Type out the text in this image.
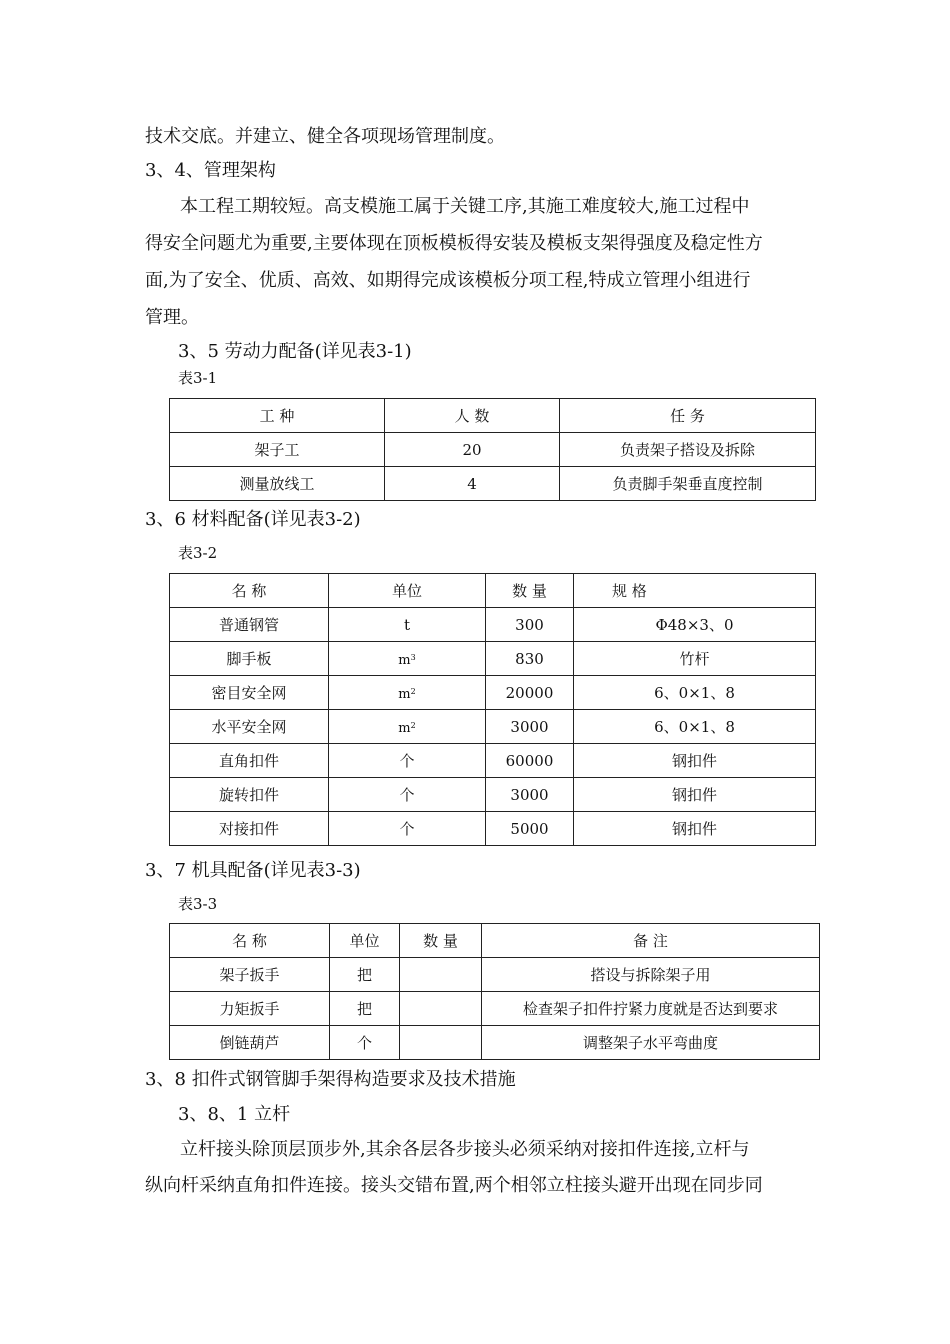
技术交底。并建立、健全各项现场管理制度。
3、4、管理架构
本工程工期较短。高支模施工属于关键工序,其施工难度较大,施工过程中
得安全问题尤为重要,主要体现在顶板模板得安装及模板支架得强度及稳定性方
面,为了安全、优质、高效、如期得完成该模板分项工程,特成立管理小组进行
管理。
3、5 劳动力配备(详见表3-1)
表3-1
工 种	人 数	任 务
架子工	20	负责架子搭设及拆除
测量放线工	4	负责脚手架垂直度控制
3、6 材料配备(详见表3-2)
表3-2
名 称	单位	数 量	规 格
普通钢管	t	300	Φ48×3、0
脚手板	$m^3$	830	竹杆
密目安全网	$m^2$	20000	6、0×1、8
水平安全网	$m^2$	3000	6、0×1、8
直角扣件	个	60000	钢扣件
旋转扣件	个	3000	钢扣件
对接扣件	个	5000	钢扣件
3、7 机具配备(详见表3-3)
表3-3
名 称	单位	数 量	备 注
架子扳手	把		搭设与拆除架子用
力矩扳手	把		检查架子扣件拧紧力度就是否达到要求
倒链葫芦	个		调整架子水平弯曲度
3、8 扣件式钢管脚手架得构造要求及技术措施
3、8、1 立杆
立杆接头除顶层顶步外,其余各层各步接头必须采纳对接扣件连接,立杆与
纵向杆采纳直角扣件连接。接头交错布置,两个相邻立柱接头避开出现在同步同
